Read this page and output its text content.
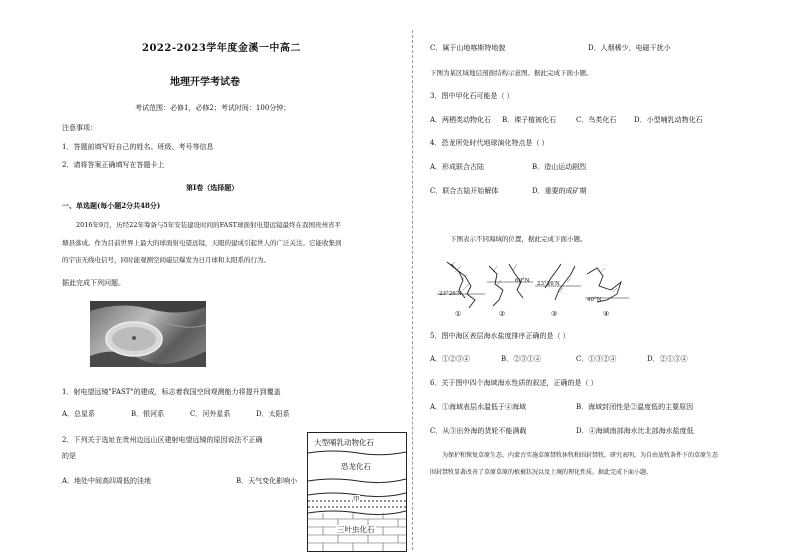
2022-2023学年度金溪一中高二
地理开学考试卷
考试范围：必修1，必修2；考试时间：100分钟；
注意事项：
1．答题前填写好自己的姓名、班级、考号等信息
2．请将答案正确填写在答题卡上
第I卷（选择题）
一、单选题(每小题2分共48分)
2016年9月，历经22年筹备与5年安装建设时间的FAST球面射电望远镜最终在我国贵州省平
塘县落成。作为目前世界上最大的球面射电望远镜，天眼的建成引起世人的广泛关注。它能收集到
的宇宙无线电信号，同时能观测空间磁层爆发为日月球和太阳系的行为。
据此完成下列问题。
1．射电望远镜"FAST"的建成，标志着我国空间观测能力将提升到覆盖
A．总星系	B．银河系	C．河外星系	D．太阳系
2．下列关于选址在贵州边远山区建射电望远镜的原因说法不正确
的是
A．地处中间高四周低的洼地	B．天气变化影响小
大型哺乳动物化石
恐龙化石
甲
三叶虫化石
C．属于山地喀斯特地貌	D．人烟稀少，电磁干扰小
下图为某区域地层剖面结构示意图。据此完成下面小题。
3．图中甲化石可能是（ ）
A．两栖类动物化石 B．裸子植被化石	C．鸟类化石	D．小型哺乳动物化石
4．恐龙所处时代地球演化特点是（ ）
A．形成联合古陆	B．造山运动剧烈
C．联合古陆开始解体	D．重要的成矿期
下图表示不同海域的位置，据此完成下面小题。
23°26′N
60°N 23°26′N
40°N
①	②	③	④
5．图中海区表层海水盐度排序正确的是（ ）
A．①②③④	B．②③①④	C．①③②④	D．②①③④
6．关于图中四个海域海水性质的叙述，正确的是（ ）
A．①海域表层水温低于④海域	B．海域封闭性是②温度低的主要原因
C．从③出外海的货轮不能满载	D．④海域南部海水比北部海水盐度低
为保护和恢复草原生态，内蒙古实施草原禁牧休牧和围封禁牧，研究表明，为自由放牧条件下的草原生态
围封禁牧显著改善了草原草原的植被状况以及土壤的理化性质。据此完成下面小题。
